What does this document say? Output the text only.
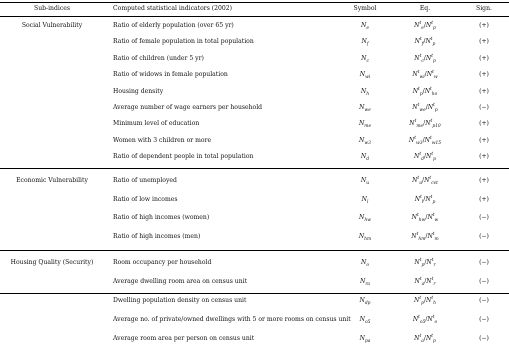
Sub-indices	Computed statistical indicators (2002)	Symbol	Eq.	Sign.
Social Vulnerability	Ratio of elderly population (over 65 yr)	$N_e$	$N^t_e/N^t_p$	(+)
Ratio of female population in total population	$N_f$	$N^t_f/N^t_p$	(+)
Ratio of children (under 5 yr)	$N_c$	$N^t_c/N^t_p$	(+)
Ratio of widows in female population	$N_{wi}$	$N^t_{wi}/N^t_w$	(+)
Housing density	$N_h$	$N^t_p/N^t_{ho}$	(+)
Average number of wage earners per household	$N_{we}$	$N^t_{we}/N^t_p$	(−)
Minimum level of education	$N_{me}$	$N^t_{me}/N^t_{p10}$	(+)
Women with 3 children or more	$N_{w3}$	$N^t_{w3}/N^t_{w15}$	(+)
Ratio of dependent people in total population	$N_d$	$N^t_d/N^t_p$	(+)
Economic Vulnerability	Ratio of unemployed	$N_u$	$N^t_u/N^t_{cvt}$	(+)
Ratio of low incomes	$N_l$	$N^t_l/N^t_p$	(+)
Ratio of high incomes (women)	$N_{hw}$	$N^t_{hw}/N^t_w$	(−)
Ratio of high incomes (men)	$N_{hm}$	$N^t_{hm}/N^t_m$	(−)
Housing Quality (Security)	Room occupancy per household	$N_o$	$N^t_p/N^t_r$	(−)
Average dwelling room area on census unit	$N_{ra}$	$N^t_a/N^t_r$	(−)
Dwelling population density on census unit	$N_{dp}$	$N^t_p/N^t_h$	(−)
Average no. of private/owned dwellings with 5 or more rooms on census unit	$N_{o5}$	$N^t_{o5}/N^t_o$	(−)
Average room area per person on census unit	$N_{pa}$	$N^t_a/N^t_p$	(−)
